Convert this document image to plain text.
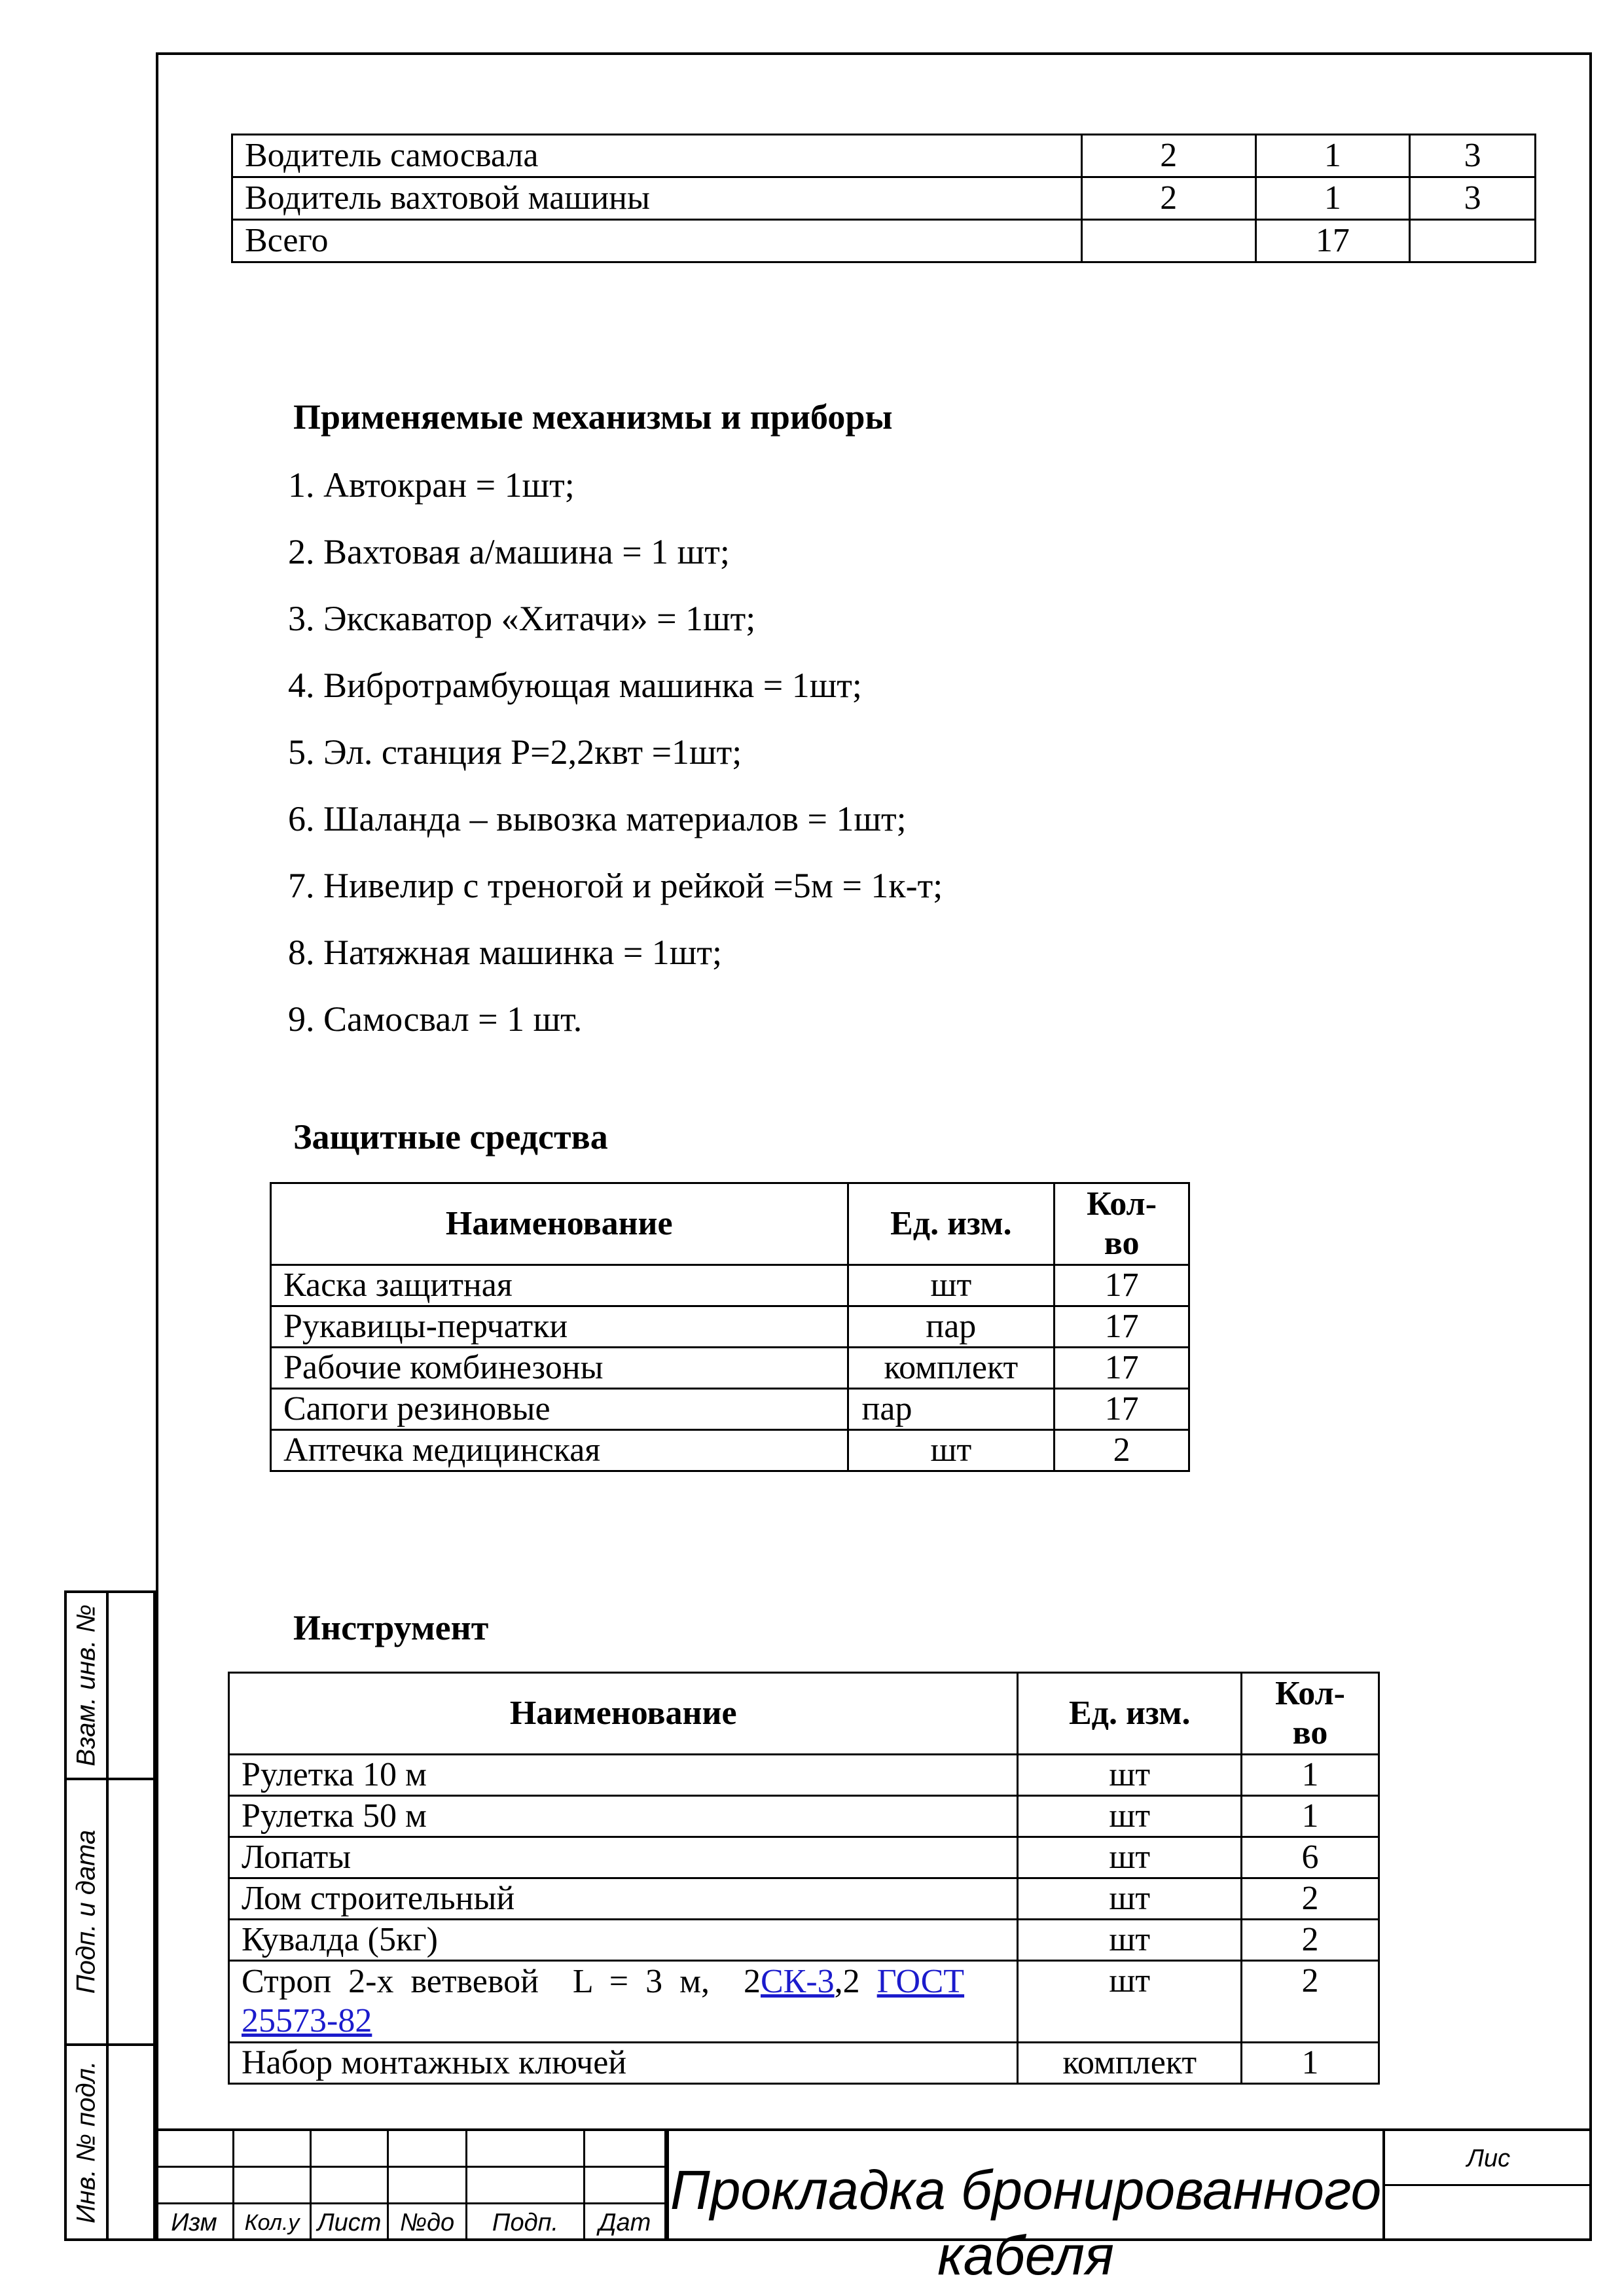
Водитель самосвала	2	1	3
Водитель вахтовой машины	2	1	3
Всего		17	
Применяемые механизмы и приборы
1. Автокран = 1шт;
2. Вахтовая а/машина = 1 шт;
3. Экскаватор «Хитачи» = 1шт;
4. Вибротрамбующая машинка = 1шт;
5. Эл. станция Р=2,2квт =1шт;
6. Шаланда – вывозка материалов = 1шт;
7. Нивелир с треногой и рейкой =5м = 1к-т;
8. Натяжная машинка = 1шт;
9. Самосвал = 1 шт.
Защитные средства
Наименование	Ед. изм.	Кол-во
Каска защитная	шт	17
Рукавицы-перчатки	пар	17
Рабочие комбинезоны	комплект	17
Сапоги резиновые	пар	17
Аптечка медицинская	шт	2
Инструмент
Наименование	Ед. изм.	Кол-во
Рулетка 10 м	шт	1
Рулетка 50 м	шт	1
Лопаты	шт	6
Лом строительный	шт	2
Кувалда (5кг)	шт	2
Строп  2-х  ветвевой    L  =  3  м,    2СК-3,2  ГОСТ
25573-82	шт	2
Набор монтажных ключей	комплект	1
Взам. инв. №
Подп. и дата
Инв. № подл.	Изм	Кол.у Лист №до	Подп.	Дат
Прокладка бронированного кабеля
Лис
